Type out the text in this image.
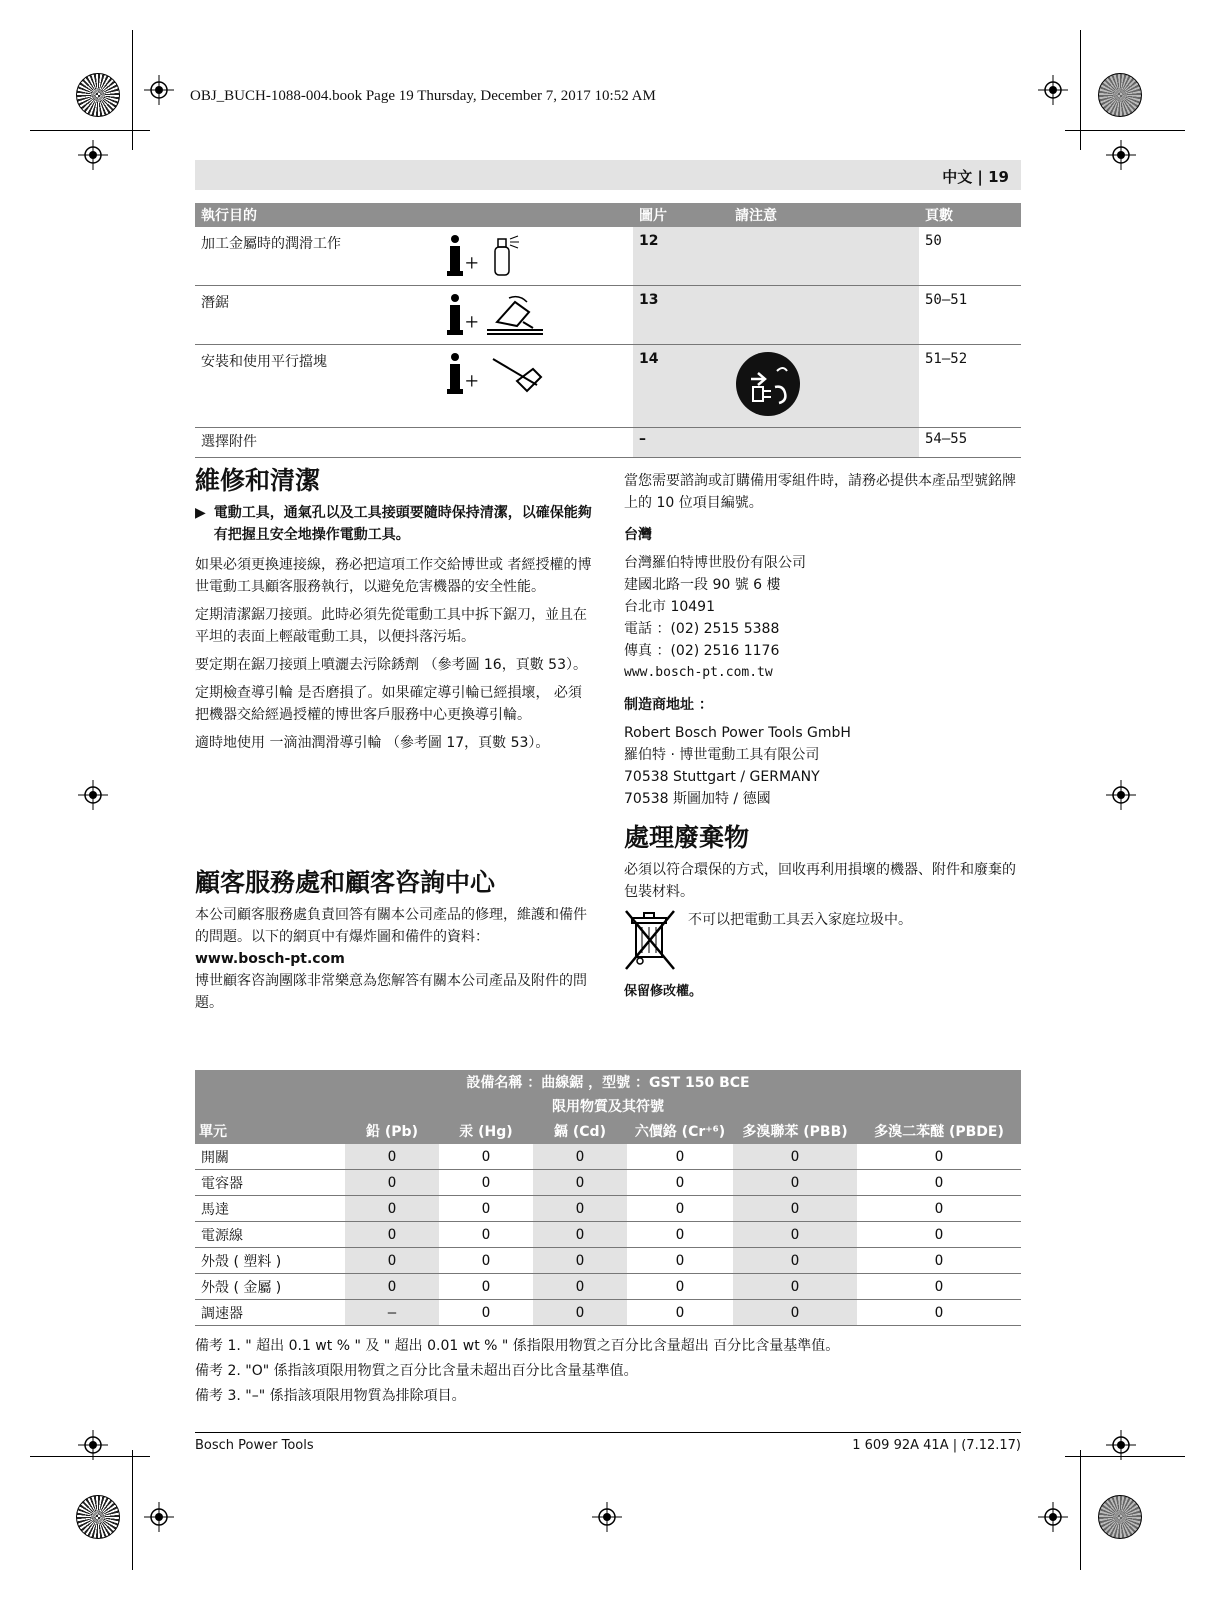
OBJ_BUCH-1088-004.book Page 19 Thursday, December 7, 2017 10:52 AM
中文 | 19
執行目的		圖片	請注意	頁數
加工金屬時的潤滑工作	+	12		50
潛鋸	+	13		50–51
安裝和使用平行擋塊	+	14		51–52
選擇附件		–		54–55
維修和清潔
▶ 電動工具，通氣孔以及工具接頭要隨時保持清潔，以確保能夠有把握且安全地操作電動工具。

如果必須更換連接線，務必把這項工作交給博世或 者經授權的博世電動工具顧客服務執行，以避免危害機器的安全性能。

定期清潔鋸刀接頭。此時必須先從電動工具中拆下鋸刀，並且在平坦的表面上輕敲電動工具，以便抖落污垢。

要定期在鋸刀接頭上噴灑去污除銹劑 （參考圖 16，頁數 53）。

定期檢查導引輪 是否磨損了。如果確定導引輪已經損壞， 必須把機器交給經過授權的博世客戶服務中心更換導引輪。

適時地使用 一滴油潤滑導引輪 （參考圖 17，頁數 53）。

顧客服務處和顧客咨詢中心

本公司顧客服務處負責回答有關本公司產品的修理，維護和備件的問題。以下的網頁中有爆炸圖和備件的資料：

www.bosch-pt.com

博世顧客咨詢團隊非常樂意為您解答有關本公司產品及附件的問題。

當您需要諮詢或訂購備用零組件時，請務必提供本產品型號銘牌上的 10 位項目編號。

台灣

台灣羅伯特博世股份有限公司
建國北路一段 90 號 6 樓
台北市 10491
電話 ：(02) 2515 5388
傳真 ：(02) 2516 1176
www.bosch-pt.com.tw

制造商地址 ：

Robert Bosch Power Tools GmbH
羅伯特 · 博世電動工具有限公司
70538 Stuttgart / GERMANY
70538 斯圖加特 / 德國
處理廢棄物

必須以符合環保的方式，回收再利用損壞的機器、附件和廢棄的包裝材料。

不可以把電動工具丟入家庭垃圾中。

保留修改權。

設備名稱 ：曲線鋸 ，型號 ：GST 150 BCE						
限用物質及其符號						
單元	鉛 (Pb)	汞 (Hg)	鎘 (Cd)	六價鉻 (Cr⁺⁶)	多溴聯苯 (PBB)	多溴二苯醚 (PBDE)
開關	O	O	O	O	O	O
電容器	O	O	O	O	O	O
馬達	O	O	O	O	O	O
電源線	O	O	O	O	O	O
外殼 ( 塑料 )	O	O	O	O	O	O
外殼 ( 金屬 )	O	O	O	O	O	O
調速器	–	O	O	O	O	O
備考 1. " 超出 0.1 wt % " 及 " 超出 0.01 wt % " 係指限用物質之百分比含量超出 百分比含量基準值。
備考 2. "O" 係指該項限用物質之百分比含量未超出百分比含量基準值。
備考 3. "–" 係指該項限用物質為排除項目。
Bosch Power Tools	1 609 92A 41A | (7.12.17)
